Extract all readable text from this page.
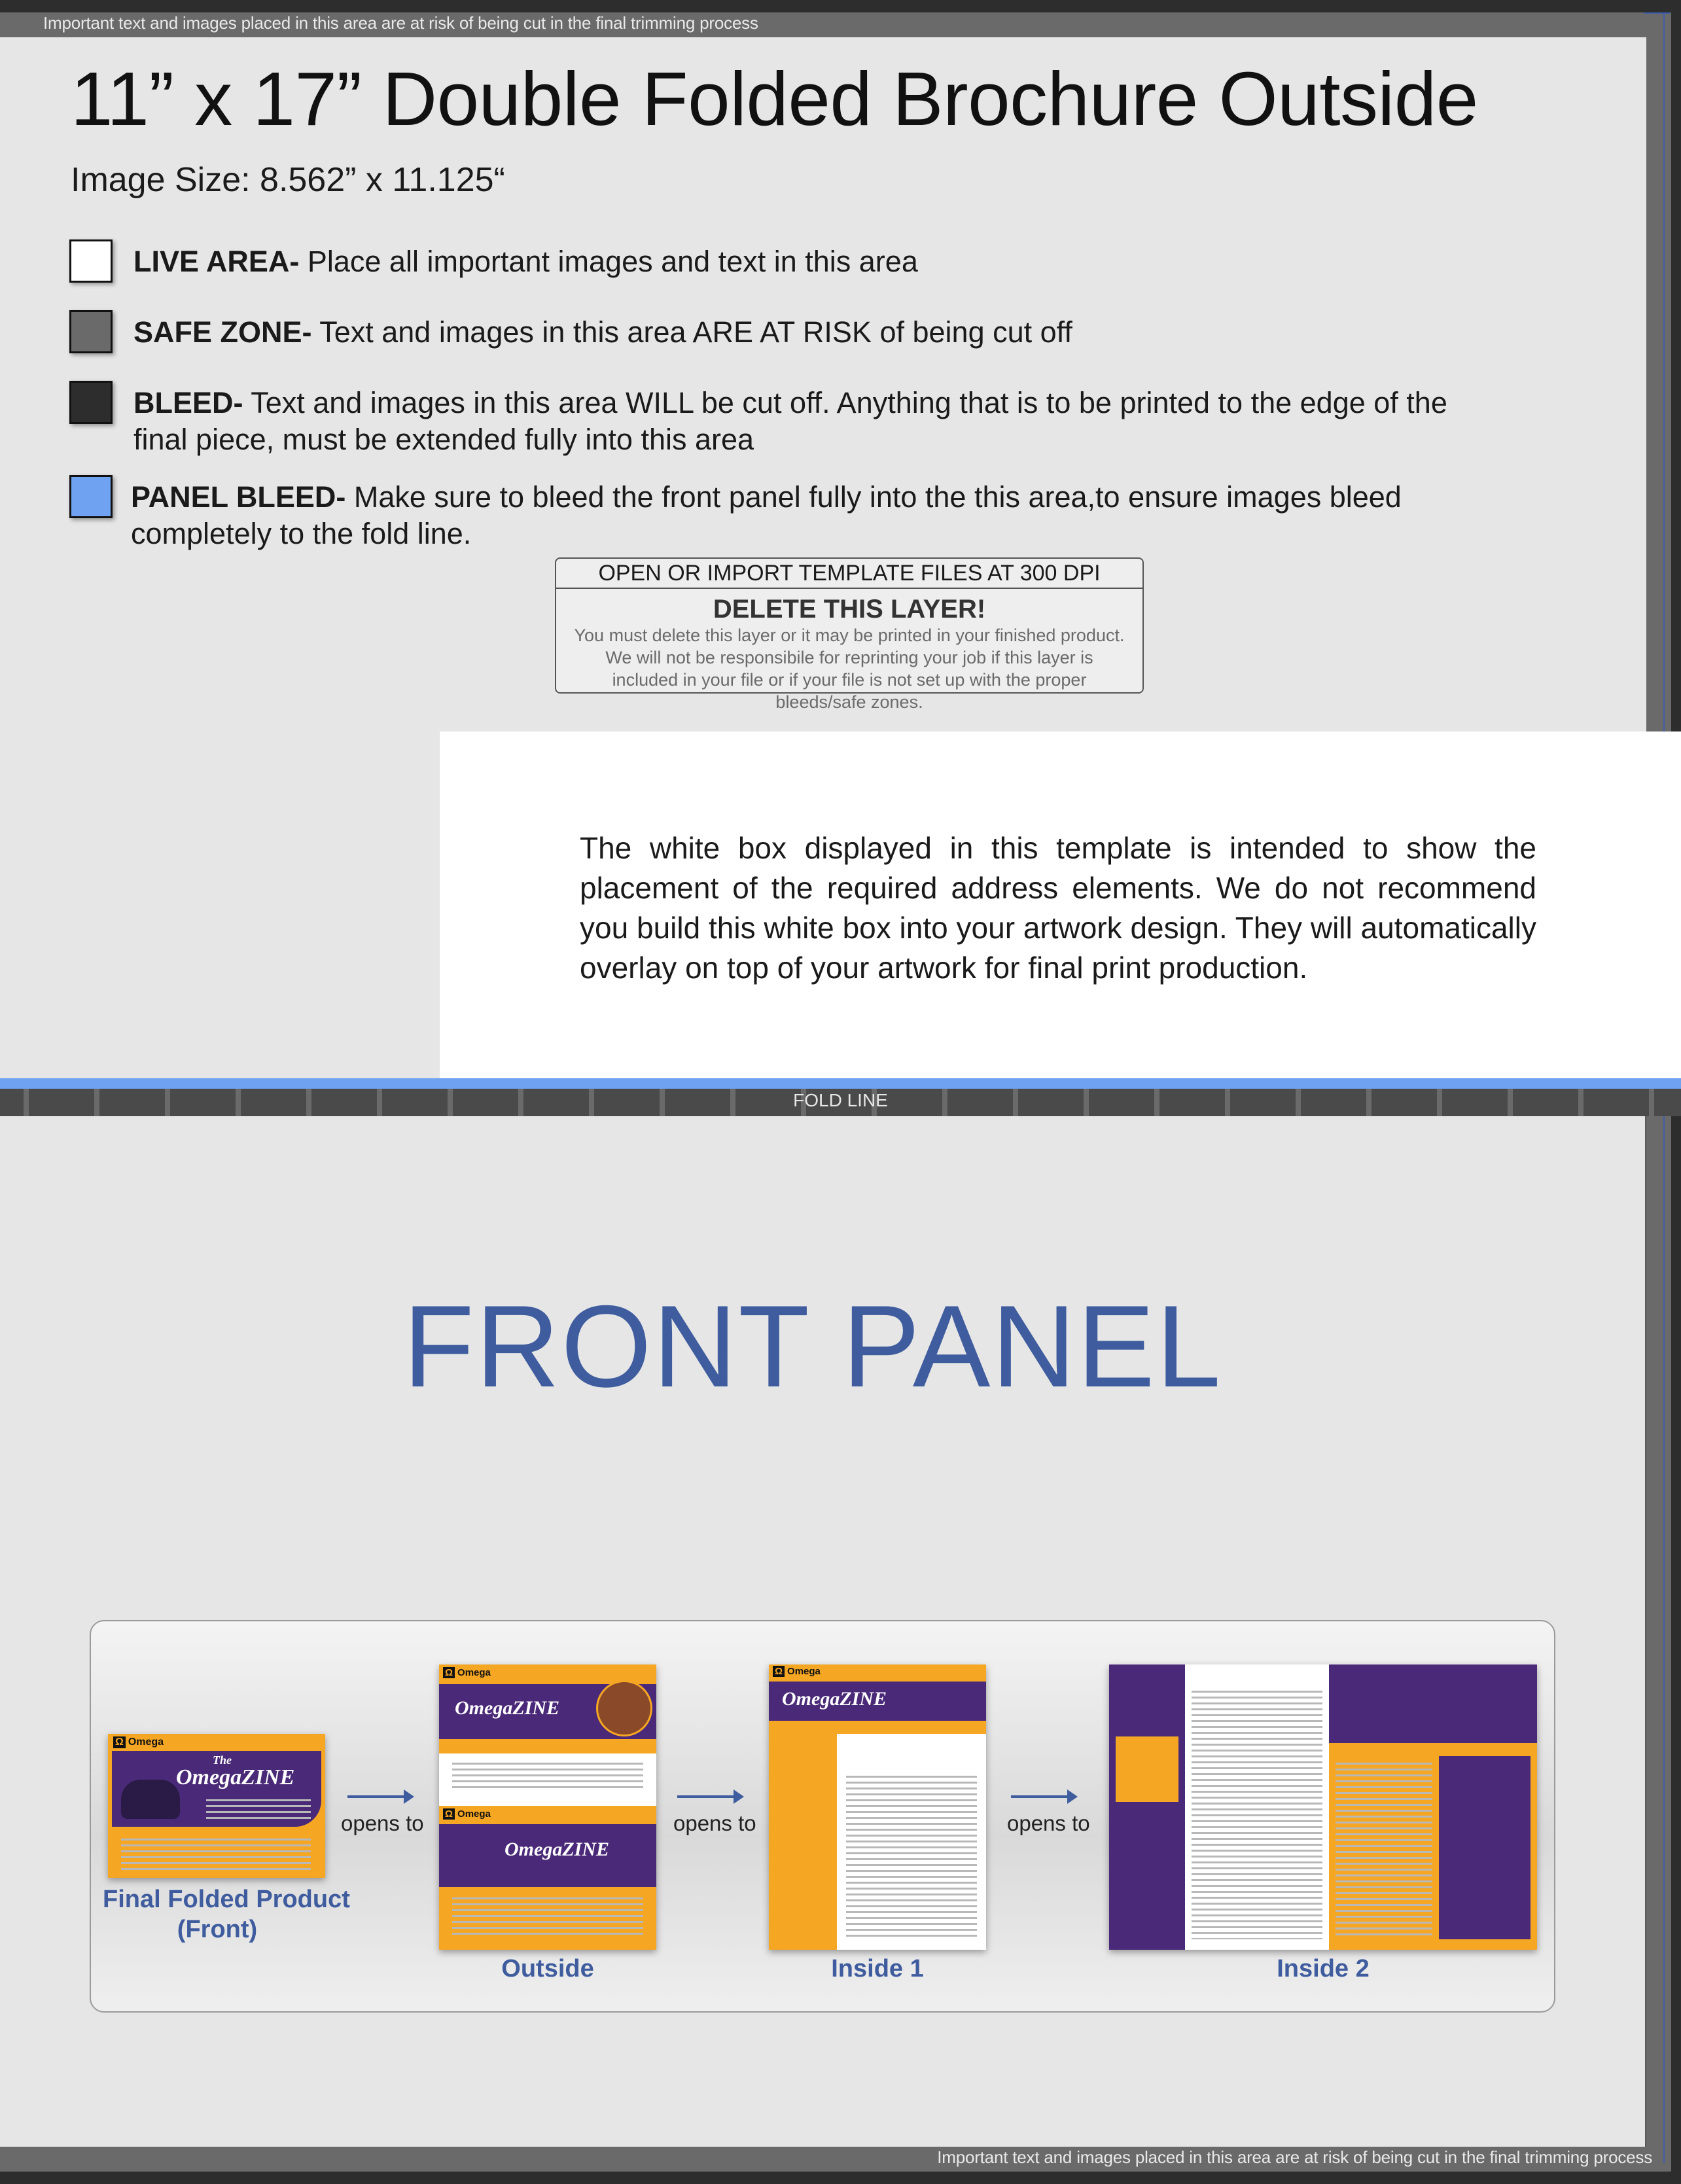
Important text and images placed in this area are at risk of being cut in the final trimming process
Important text and images placed in this area are at risk of being cut in the final trimming process
11” x 17” Double Folded Brochure Outside
Image Size: 8.562” x 11.125“
LIVE AREA- Place all important images and text in this area
SAFE ZONE- Text and images in this area ARE AT RISK of being cut off
BLEED- Text and images in this area WILL be cut off. Anything that is to be printed to the edge of the final piece, must be extended fully into this area
PANEL BLEED- Make sure to bleed the front panel fully into the this area,to ensure images bleed completely to the fold line.
OPEN OR IMPORT TEMPLATE FILES AT 300 DPI
DELETE THIS LAYER!
You must delete this layer or it may be printed in your finished product. We will not be responsibile for reprinting your job if this layer is included in your file or if your file is not set up with the proper bleeds/safe zones.
The white box displayed in this template is intended to show the placement of the required address elements. We do not recommend you build this white box into your artwork design. They will automatically overlay on top of your artwork for final print production.
FOLD LINE
FRONT PANEL
Ω Omega
The
OmegaZINE
Final Folded Product
(Front)
opens to
Ω Omega
OmegaZINE
Ω Omega
OmegaZINE
Outside
opens to
Ω Omega
OmegaZINE
Inside 1
opens to
Inside 2
